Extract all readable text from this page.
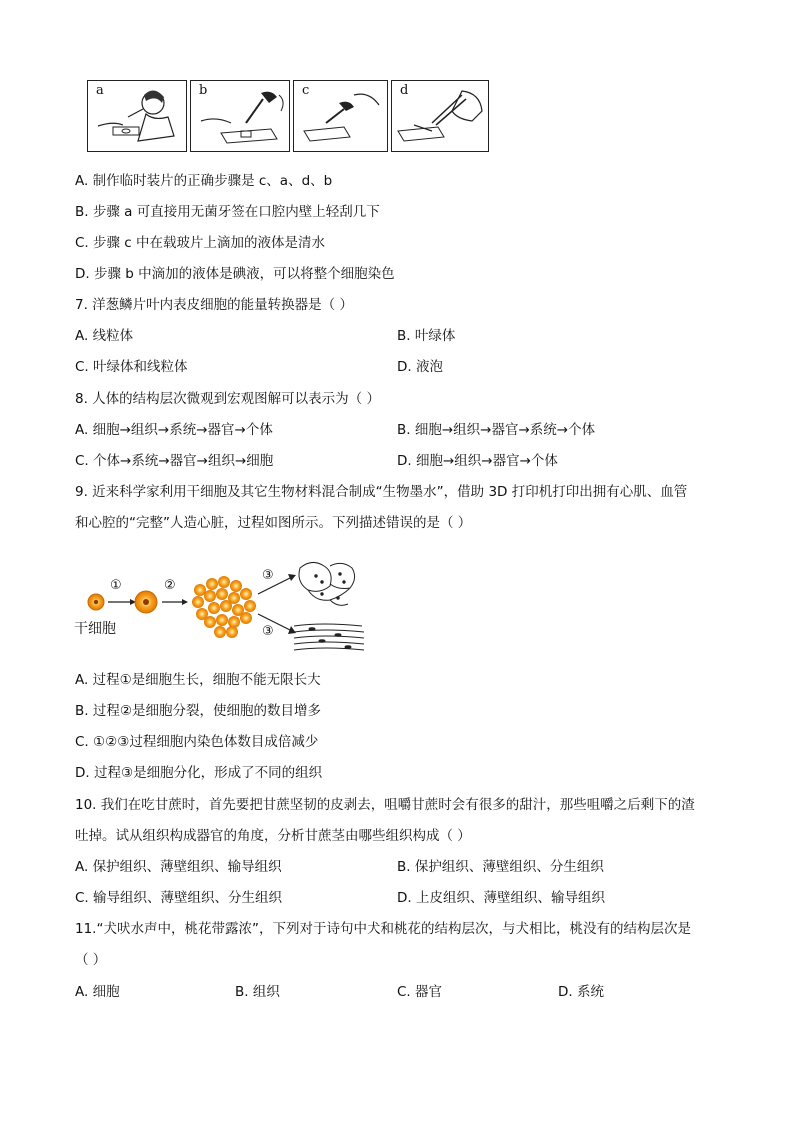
a	b	c	d
A. 制作临时装片的正确步骤是 c、a、d、b
B. 步骤 a 可直接用无菌牙签在口腔内壁上轻刮几下
C. 步骤 c 中在载玻片上滴加的液体是清水
D. 步骤 b 中滴加的液体是碘液，可以将整个细胞染色
7. 洋葱鳞片叶内表皮细胞的能量转换器是（ ）
A. 线粒体	B. 叶绿体
C. 叶绿体和线粒体	D. 液泡
8. 人体的结构层次微观到宏观图解可以表示为（ ）
A. 细胞→组织→系统→器官→个体	B. 细胞→组织→器官→系统→个体
C. 个体→系统→器官→组织→细胞	D. 细胞→组织→器官→个体
9. 近来科学家利用干细胞及其它生物材料混合制成“生物墨水”，借助 3D 打印机打印出拥有心肌、血管
和心腔的“完整”人造心脏，过程如图所示。下列描述错误的是（ ）
①	②
③
③
干细胞
A. 过程①是细胞生长，细胞不能无限长大
B. 过程②是细胞分裂，使细胞的数目增多
C. ①②③过程细胞内染色体数目成倍减少
D. 过程③是细胞分化，形成了不同的组织
10. 我们在吃甘蔗时，首先要把甘蔗坚韧的皮剥去，咀嚼甘蔗时会有很多的甜汁，那些咀嚼之后剩下的渣
吐掉。试从组织构成器官的角度，分析甘蔗茎由哪些组织构成（ ）
A. 保护组织、薄壁组织、输导组织	B. 保护组织、薄壁组织、分生组织
C. 输导组织、薄壁组织、分生组织	D. 上皮组织、薄壁组织、输导组织
11.“犬吠水声中，桃花带露浓”，下列对于诗句中犬和桃花的结构层次，与犬相比，桃没有的结构层次是
（ ）
A. 细胞	B. 组织	C. 器官	D. 系统
